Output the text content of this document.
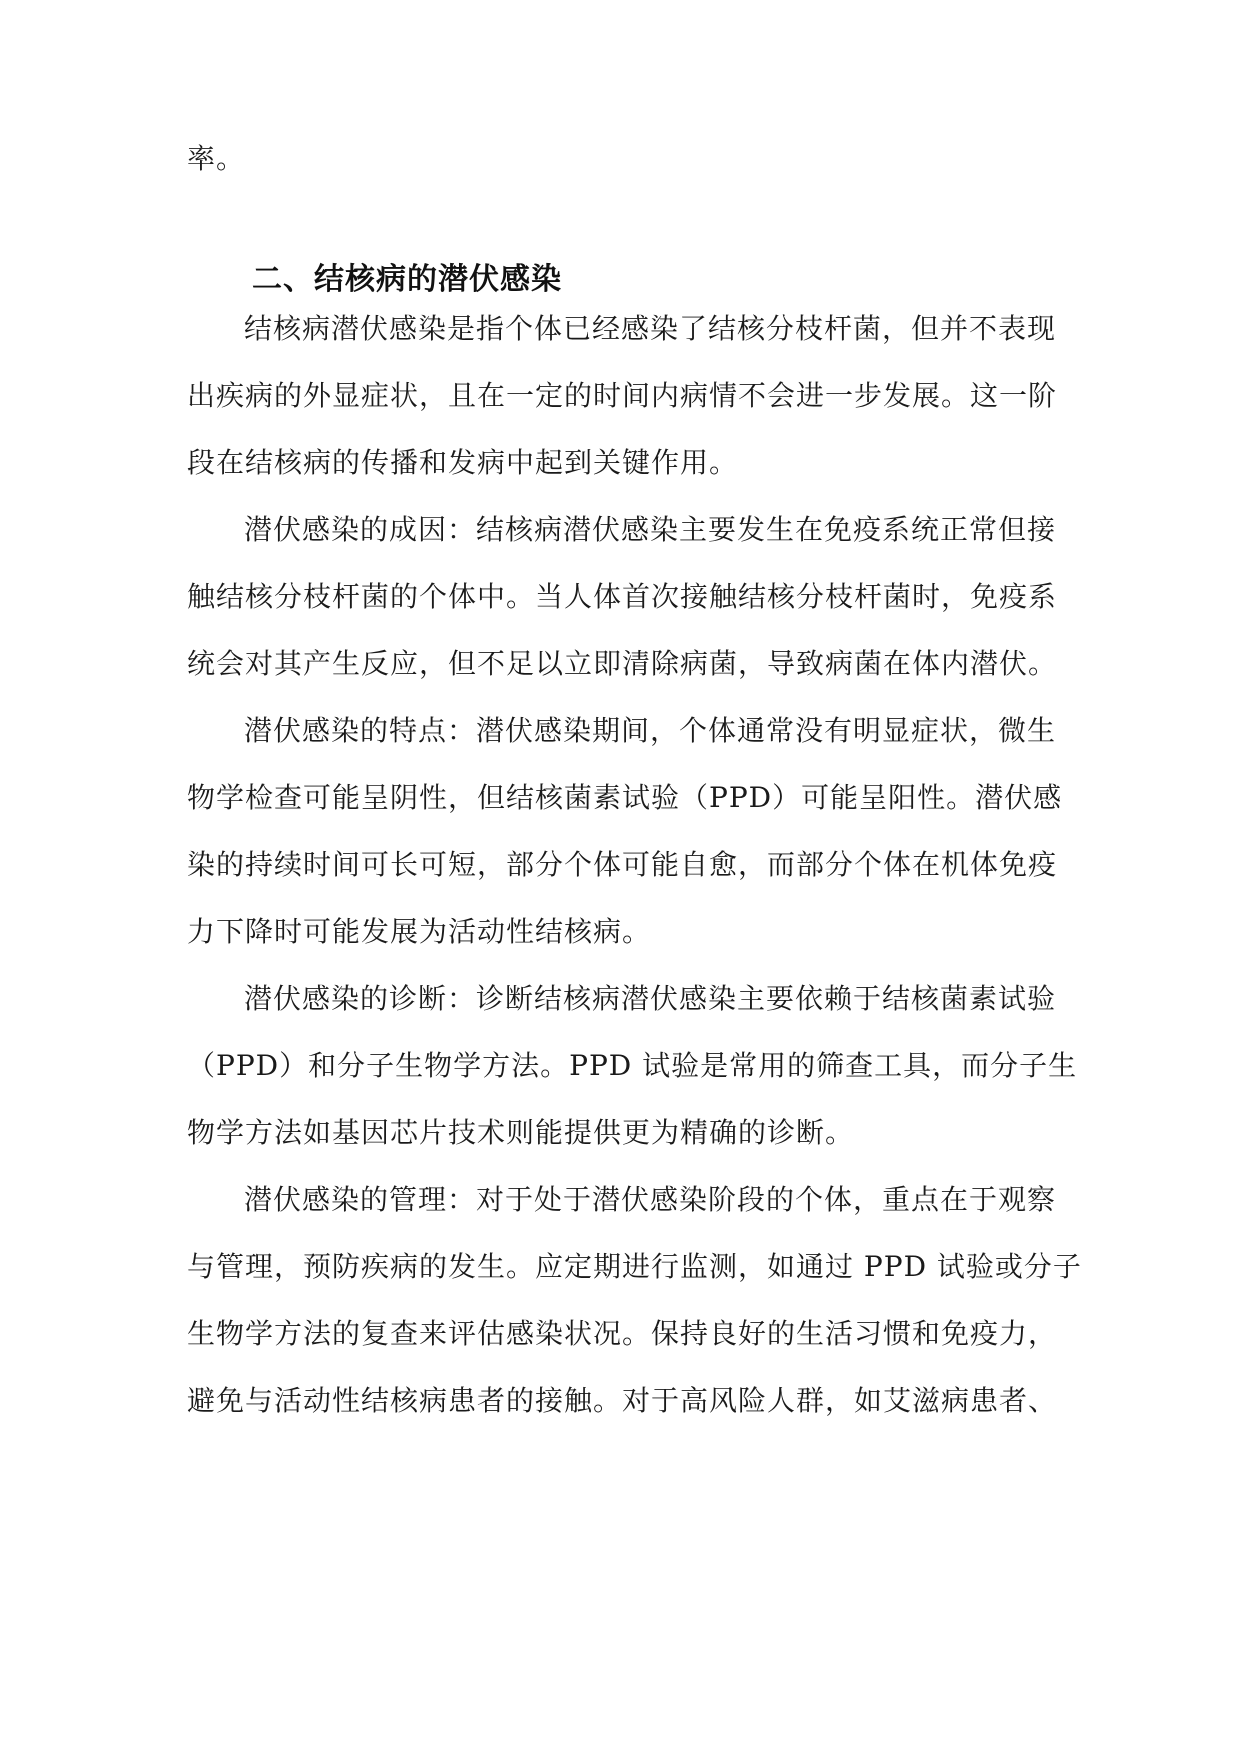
率。
二、结核病的潜伏感染
结核病潜伏感染是指个体已经感染了结核分枝杆菌，但并不表现
出疾病的外显症状，且在一定的时间内病情不会进一步发展。这一阶
段在结核病的传播和发病中起到关键作用。
潜伏感染的成因：结核病潜伏感染主要发生在免疫系统正常但接
触结核分枝杆菌的个体中。当人体首次接触结核分枝杆菌时，免疫系
统会对其产生反应，但不足以立即清除病菌，导致病菌在体内潜伏。
潜伏感染的特点：潜伏感染期间，个体通常没有明显症状，微生
物学检查可能呈阴性，但结核菌素试验（PPD）可能呈阳性。潜伏感
染的持续时间可长可短，部分个体可能自愈，而部分个体在机体免疫
力下降时可能发展为活动性结核病。
潜伏感染的诊断：诊断结核病潜伏感染主要依赖于结核菌素试验
（PPD）和分子生物学方法。PPD 试验是常用的筛查工具，而分子生
物学方法如基因芯片技术则能提供更为精确的诊断。
潜伏感染的管理：对于处于潜伏感染阶段的个体，重点在于观察
与管理，预防疾病的发生。应定期进行监测，如通过 PPD 试验或分子
生物学方法的复查来评估感染状况。保持良好的生活习惯和免疫力，
避免与活动性结核病患者的接触。对于高风险人群，如艾滋病患者、
